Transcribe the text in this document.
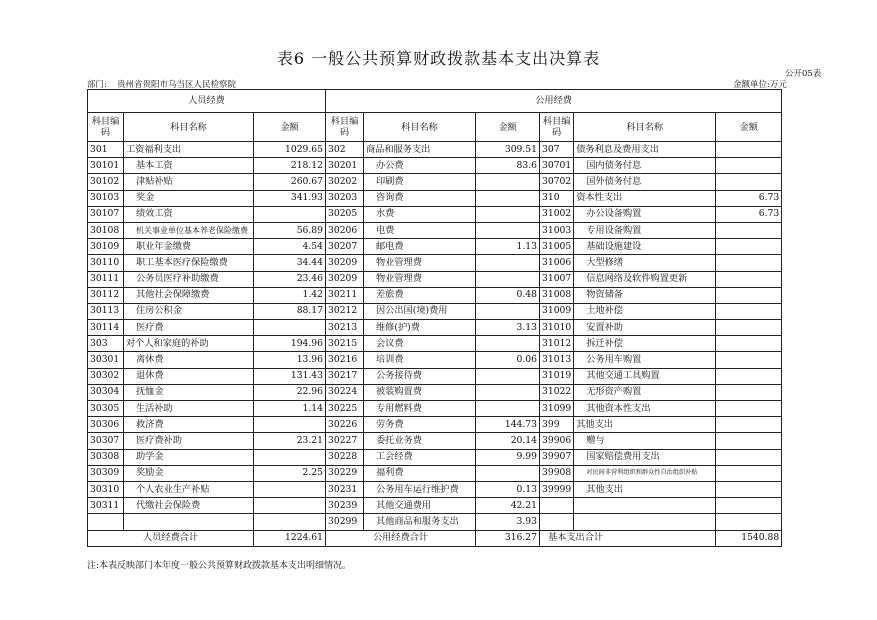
表6 一般公共预算财政拨款基本支出决算表
公开05表
部门: 贵州省贵阳市乌当区人民检察院	金额单位:万元
人员经费			公用经费					
科目编码	科目名称	金额	科目编码	科目名称	金额	科目编码	科目名称	金额
301	工资福利支出	1029.65	302	商品和服务支出	309.51	307	债务利息及费用支出	
30101	基本工资	218.12	30201	办公费	83.6	30701	国内债务付息	
30102	津贴补贴	260.67	30202	印刷费		30702	国外债务付息	
30103	奖金	341.93	30203	咨询费		310	资本性支出	6.73
30107	绩效工资		30205	水费		31002	办公设备购置	6.73
30108	机关事业单位基本养老保险缴费	56.89	30206	电费		31003	专用设备购置	
30109	职业年金缴费	4.54	30207	邮电费	1.13	31005	基础设施建设	
30110	职工基本医疗保险缴费	34.44	30209	物业管理费		31006	大型修缮	
30111	公务员医疗补助缴费	23.46	30209	物业管理费		31007	信息网络及软件购置更新	
30112	其他社会保障缴费	1.42	30211	差旅费	0.48	31008	物资储备	
30113	住房公积金	88.17	30212	因公出国(境)费用		31009	土地补偿	
30114	医疗费		30213	维修(护)费	3.13	31010	安置补助	
303	对个人和家庭的补助	194.96	30215	会议费		31012	拆迁补偿	
30301	离休费	13.96	30216	培训费	0.06	31013	公务用车购置	
30302	退休费	131.43	30217	公务接待费		31019	其他交通工具购置	
30304	抚恤金	22.96	30224	被装购置费		31022	无形资产购置	
30305	生活补助	1.14	30225	专用燃料费		31099	其他资本性支出	
30306	救济费		30226	劳务费	144.73	399	其他支出	
30307	医疗费补助	23.21	30227	委托业务费	20.14	39906	赠与	
30308	助学金		30228	工会经费	9.99	39907	国家赔偿费用支出	
30309	奖励金	2.25	30229	福利费		39908	对民间非营利组织和群众性自治组织补贴	
30310	个人农业生产补贴		30231	公务用车运行维护费	0.13	39999	其他支出	
30311	代缴社会保险费		30239	其他交通费用	42.21			
			30299	其他商品和服务支出	3.93			
人员经费合计		1224.61	公用经费合计		316.27	基本支出合计		1540.88
注:本表反映部门本年度一般公共预算财政拨款基本支出明细情况。
